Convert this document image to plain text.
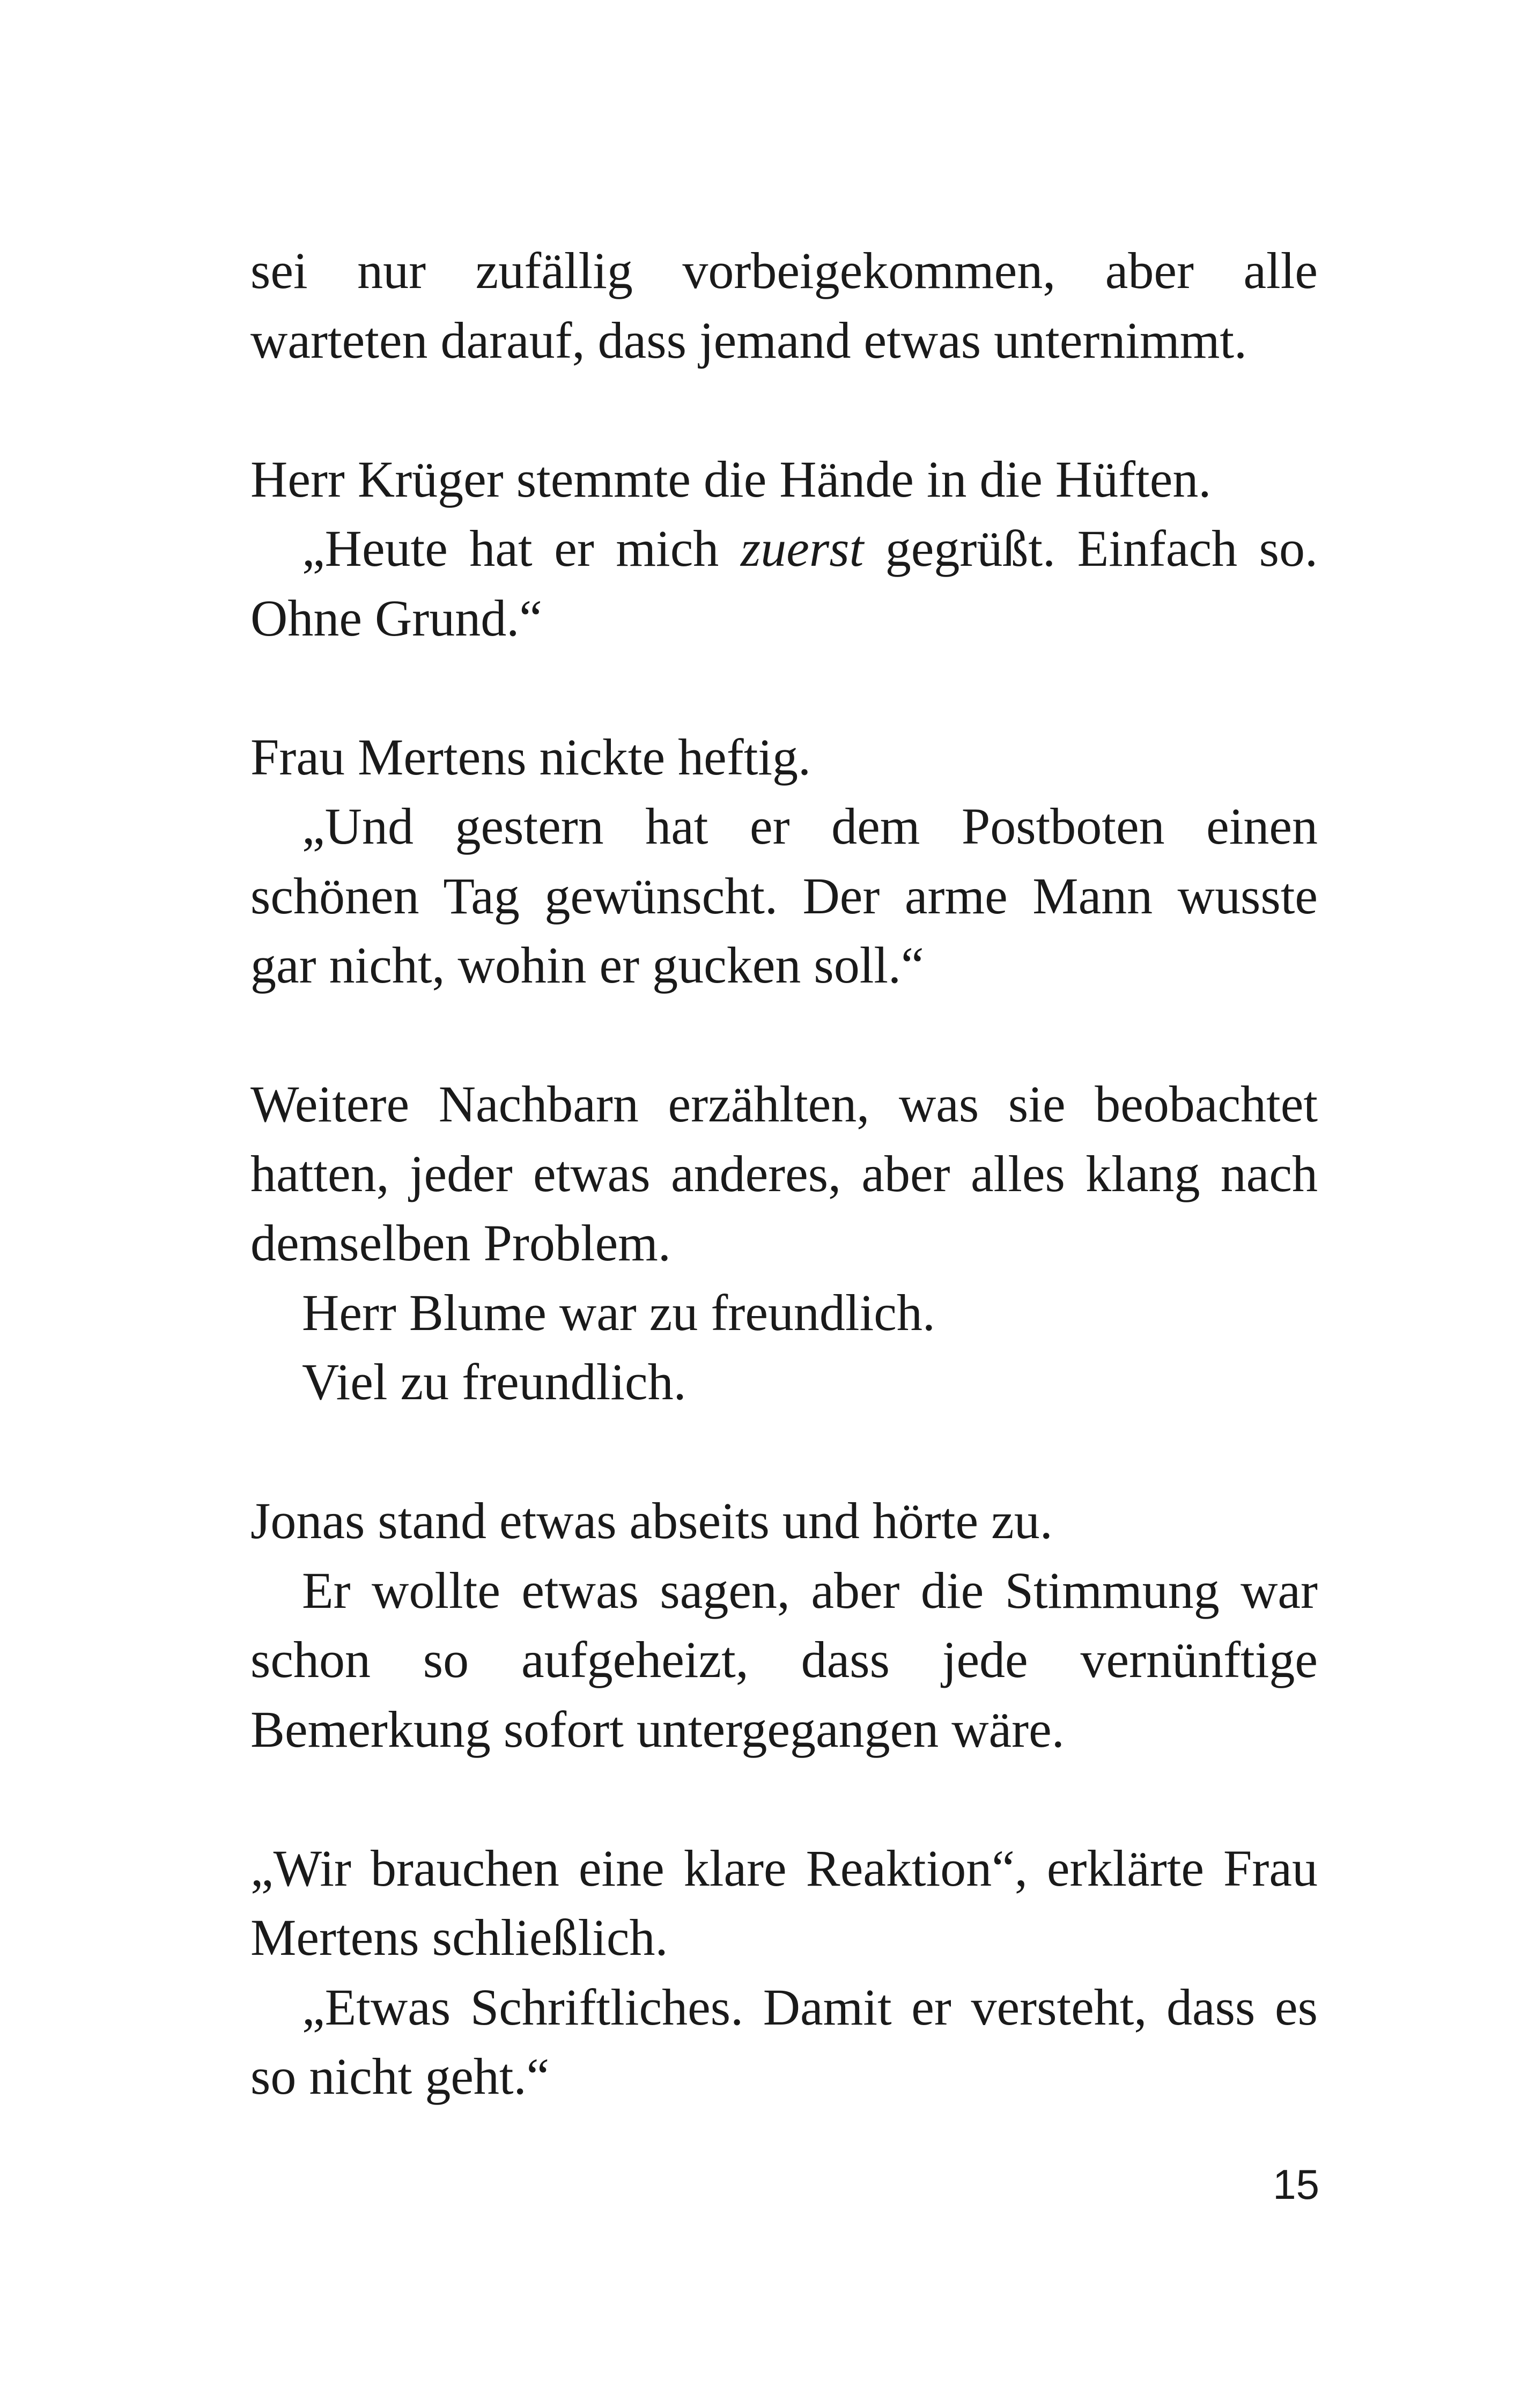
sei nur zufällig vorbeigekommen, aber alle warteten darauf, dass jemand etwas unternimmt.

Herr Krüger stemmte die Hände in die Hüften.

„Heute hat er mich zuerst gegrüßt. Einfach so. Ohne Grund.“

Frau Mertens nickte heftig.

„Und gestern hat er dem Postboten einen schönen Tag gewünscht. Der arme Mann wusste gar nicht, wohin er gucken soll.“

Weitere Nachbarn erzählten, was sie beobachtet hatten, jeder etwas anderes, aber alles klang nach demselben Problem.

Herr Blume war zu freundlich.

Viel zu freundlich.

Jonas stand etwas abseits und hörte zu.

Er wollte etwas sagen, aber die Stimmung war schon so aufgeheizt, dass jede vernünftige Bemerkung sofort untergegangen wäre.

„Wir brauchen eine klare Reaktion“, erklärte Frau Mertens schließlich.

„Etwas Schriftliches. Damit er versteht, dass es so nicht geht.“

15
